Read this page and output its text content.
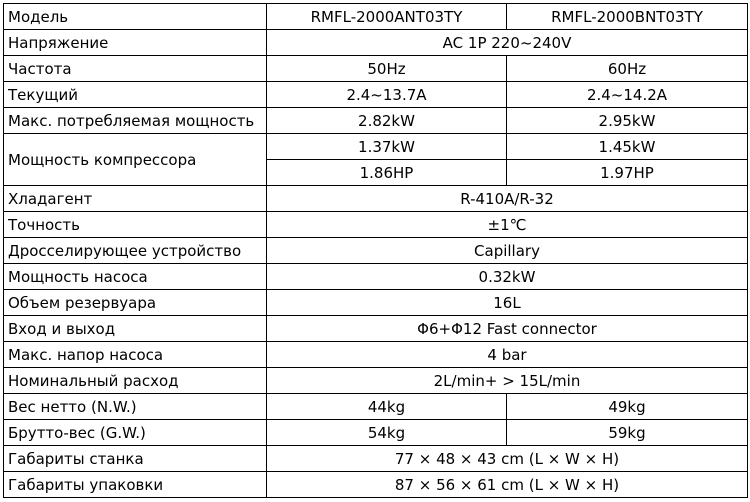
Модель	RMFL-2000ANT03TY	RMFL-2000BNT03TY
Напряжение	AC 1P 220~240V	
Частота	50Hz	60Hz
Текущий	2.4~13.7A	2.4~14.2A
Макс. потребляемая мощность	2.82kW	2.95kW
Мощность компрессора	1.37kW	1.45kW
	1.86HP	1.97HP
Хладагент	R-410A/R-32	
Точность	±1℃	
Дросселирующее устройство	Capillary	
Мощность насоса	0.32kW	
Объем резервуара	16L	
Вход и выход	Φ6+Φ12 Fast connector	
Макс. напор насоса	4 bar	
Номинальный расход	2L/min+ > 15L/min	
Вес нетто (N.W.)	44kg	49kg
Брутто-вес (G.W.)	54kg	59kg
Габариты станка	77 × 48 × 43 cm (L × W × H)	
Габариты упаковки	87 × 56 × 61 cm (L × W × H)	
